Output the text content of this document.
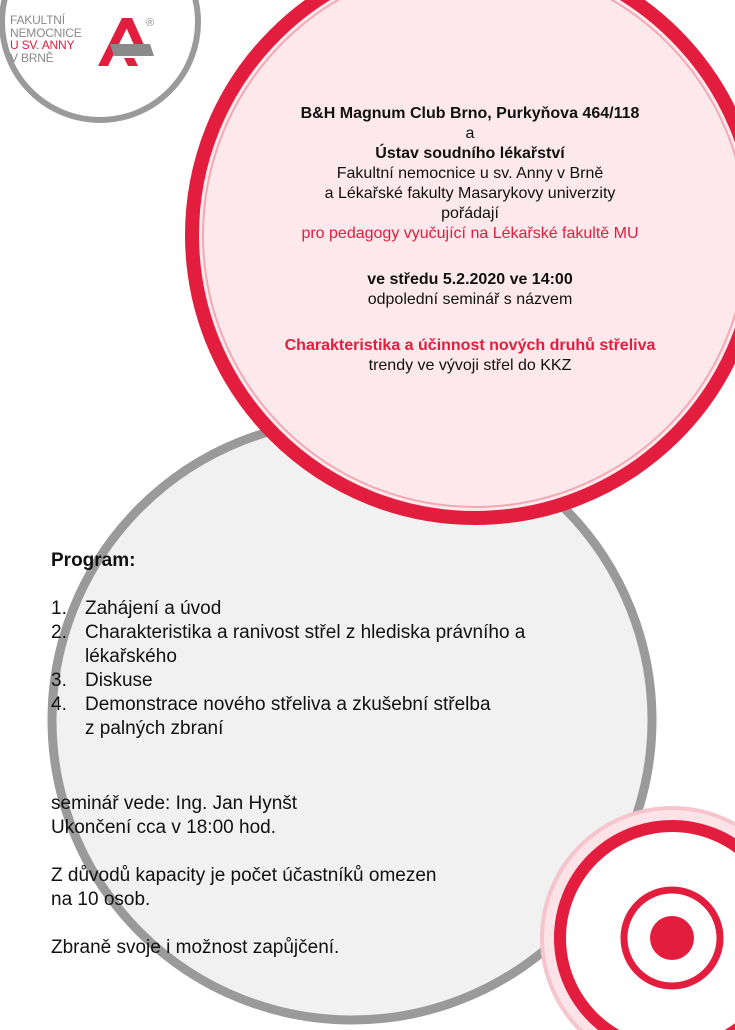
FAKULTNÍ
NEMOCNICE
U SV. ANNY
V BRNĚ
®
B&H Magnum Club Brno, Purkyňova 464/118
a
Ústav soudního lékařství
Fakultní nemocnice u sv. Anny v Brně
a Lékařské fakulty Masarykovy univerzity
pořádají
pro pedagogy vyučující na Lékařské fakultě MU
ve středu 5.2.2020 ve 14:00
odpolední seminář s názvem
Charakteristika a účinnost nových druhů střeliva
trendy ve vývoji střel do KKZ
Program:
1. Zahájení a úvod
2. Charakteristika a ranivost střel z hlediska právního a
lékařského
3. Diskuse
4. Demonstrace nového střeliva a zkušební střelba
z palných zbraní

seminář vede: Ing. Jan Hynšt
Ukončení cca v 18:00 hod.

Z důvodů kapacity je počet účastníků omezen
na 10 osob.

Zbraně svoje i možnost zapůjčení.
